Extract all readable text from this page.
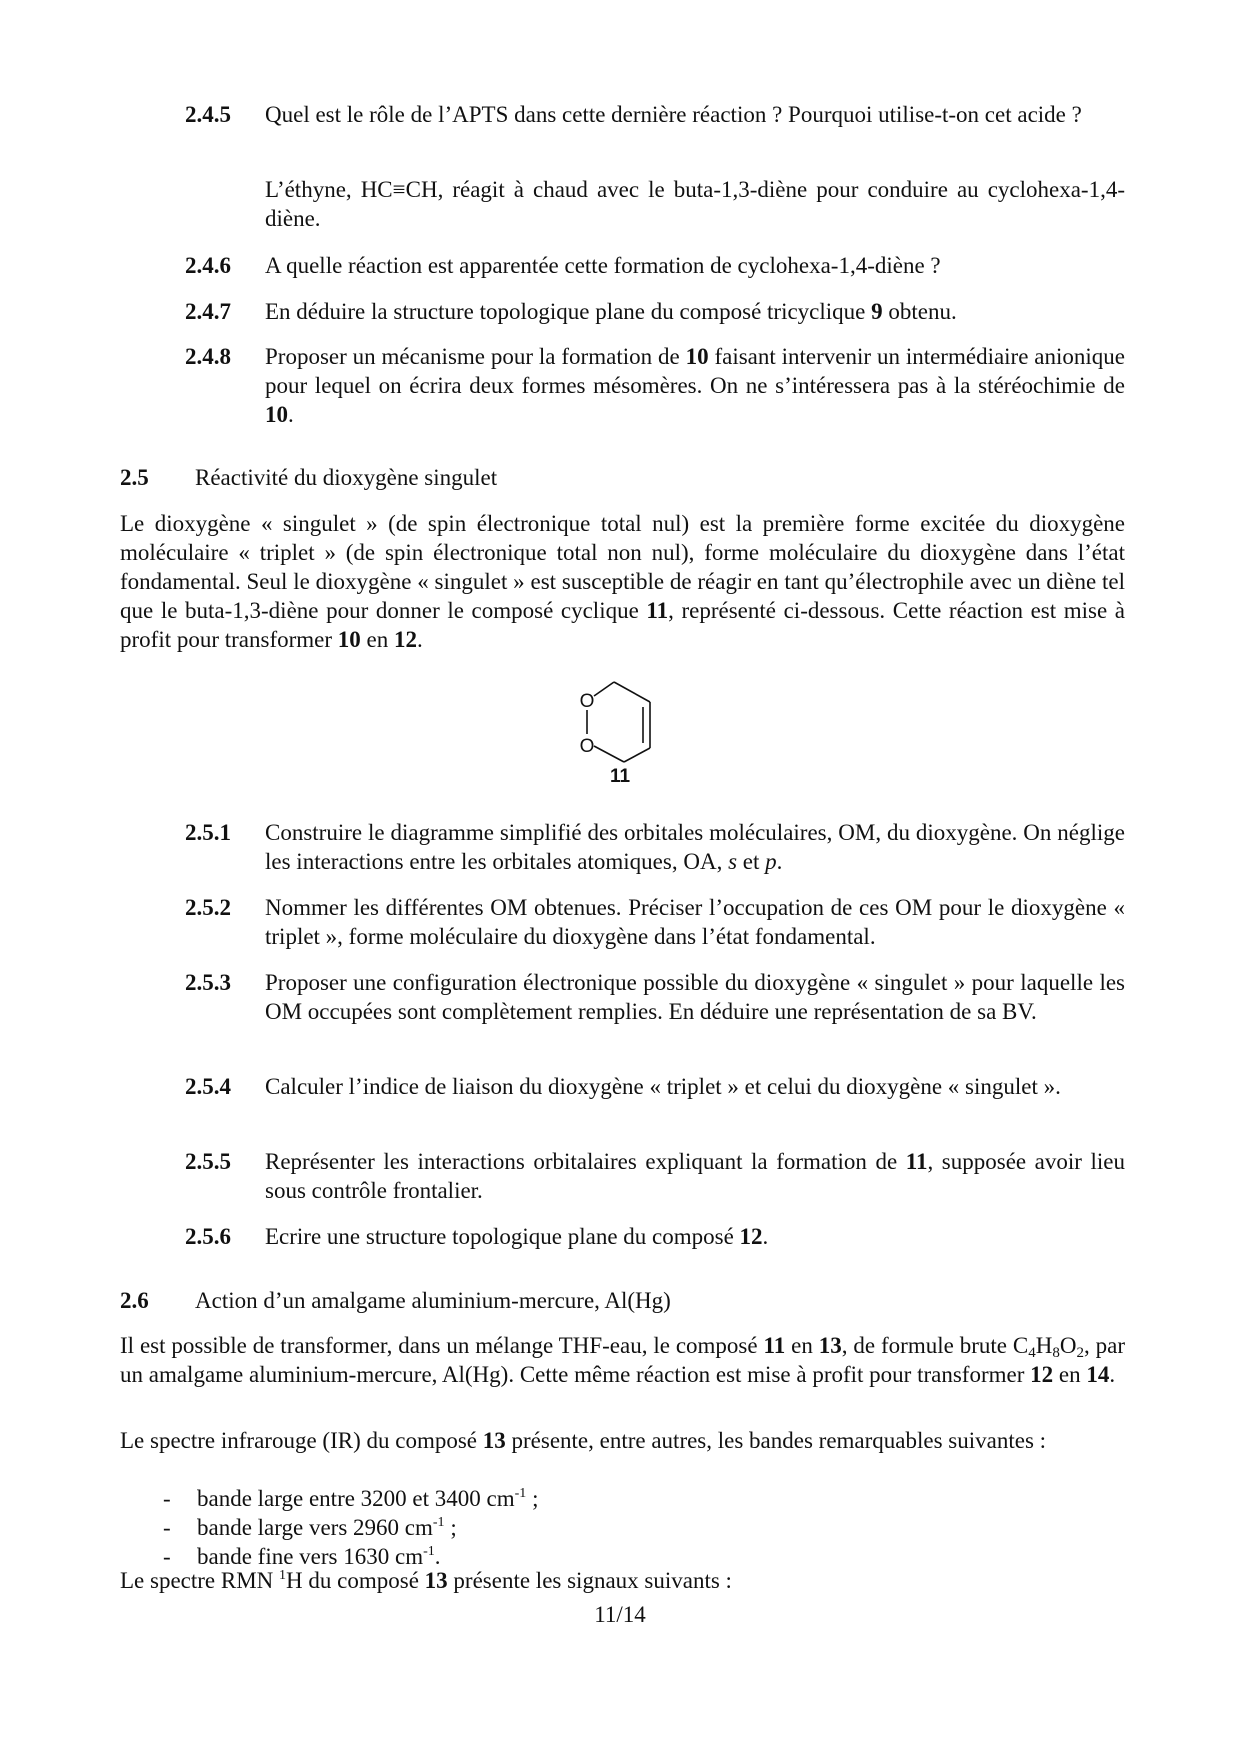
2.4.5 Quel est le rôle de l’APTS dans cette dernière réaction ? Pourquoi utilise-t-on cet acide ?
L’éthyne, HC≡CH, réagit à chaud avec le buta-1,3-diène pour conduire au cyclohexa-1,4-diène.
2.4.6 A quelle réaction est apparentée cette formation de cyclohexa-1,4-diène ?
2.4.7 En déduire la structure topologique plane du composé tricyclique 9 obtenu.
2.4.8 Proposer un mécanisme pour la formation de 10 faisant intervenir un intermédiaire anionique pour lequel on écrira deux formes mésomères. On ne s’intéressera pas à la stéréochimie de 10.
2.5 Réactivité du dioxygène singulet
Le dioxygène « singulet » (de spin électronique total nul) est la première forme excitée du dioxygène moléculaire « triplet » (de spin électronique total non nul), forme moléculaire du dioxygène dans l’état fondamental. Seul le dioxygène « singulet » est susceptible de réagir en tant qu’électrophile avec un diène tel que le buta-1,3-diène pour donner le composé cyclique 11, représenté ci-dessous. Cette réaction est mise à profit pour transformer 10 en 12.
O
O
11
2.5.1 Construire le diagramme simplifié des orbitales moléculaires, OM, du dioxygène. On néglige les interactions entre les orbitales atomiques, OA, s et p.
2.5.2 Nommer les différentes OM obtenues. Préciser l’occupation de ces OM pour le dioxygène « triplet », forme moléculaire du dioxygène dans l’état fondamental.
2.5.3 Proposer une configuration électronique possible du dioxygène « singulet » pour laquelle les OM occupées sont complètement remplies. En déduire une représentation de sa BV.
2.5.4 Calculer l’indice de liaison du dioxygène « triplet » et celui du dioxygène « singulet ».
2.5.5 Représenter les interactions orbitalaires expliquant la formation de 11, supposée avoir lieu sous contrôle frontalier.
2.5.6 Ecrire une structure topologique plane du composé 12.
2.6 Action d’un amalgame aluminium-mercure, Al(Hg)
Il est possible de transformer, dans un mélange THF-eau, le composé 11 en 13, de formule brute $C_4H_8O_2$, par un amalgame aluminium-mercure, Al(Hg). Cette même réaction est mise à profit pour transformer 12 en 14.
Le spectre infrarouge (IR) du composé 13 présente, entre autres, les bandes remarquables suivantes :
- bande large entre 3200 et 3400 $cm^{-1}$ ;
- bande large vers 2960 $cm^{-1}$ ;
- bande fine vers 1630 $cm^{-1}$.
Le spectre RMN $^1$H du composé 13 présente les signaux suivants :
11/14
